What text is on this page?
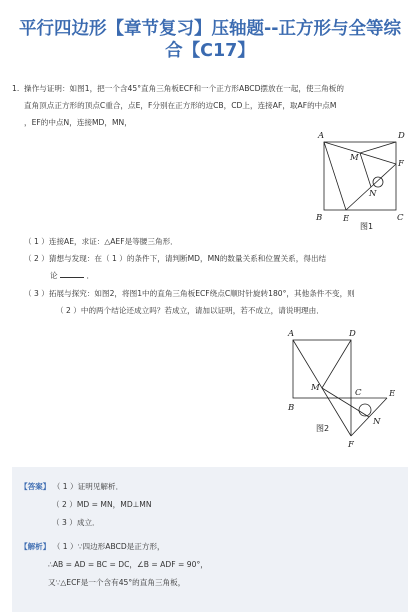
平行四边形【章节复习】压轴题--正方形与全等综
合【C17】
1. 操作与证明：如图1，把一个含45°直角三角板ECF和一个正方形ABCD摆放在一起，使三角板的
直角顶点正方形的顶点C重合，点E，F分别在正方形的边CB，CD上，连接AF，取AF的中点M
，EF的中点N，连接MD，MN，
A	D
B	C
E
F
M
N
图1
（ 1 ）连接AE，求证：△AEF是等腰三角形．
（ 2 ）猜想与发现：在（ 1 ）的条件下，请判断MD，MN的数量关系和位置关系，得出结
论	．
（ 3 ）拓展与探究：如图2，将图1中的直角三角板ECF绕点C顺时针旋转180°，其他条件不变，则
（ 2 ）中的两个结论还成立吗？若成立，请加以证明，若不成立，请说明理由．
A	D
B
C	E
F
M
N
图2
【答案】 （ 1 ）证明见解析．
（ 2 ）MD = MN，MD⊥MN
（ 3 ）成立．
【解析】 （ 1 ）∵四边形ABCD是正方形，
∴AB = AD = BC = DC，∠B = ADF = 90°，
又∵△ECF是一个含有45°的直角三角板，
